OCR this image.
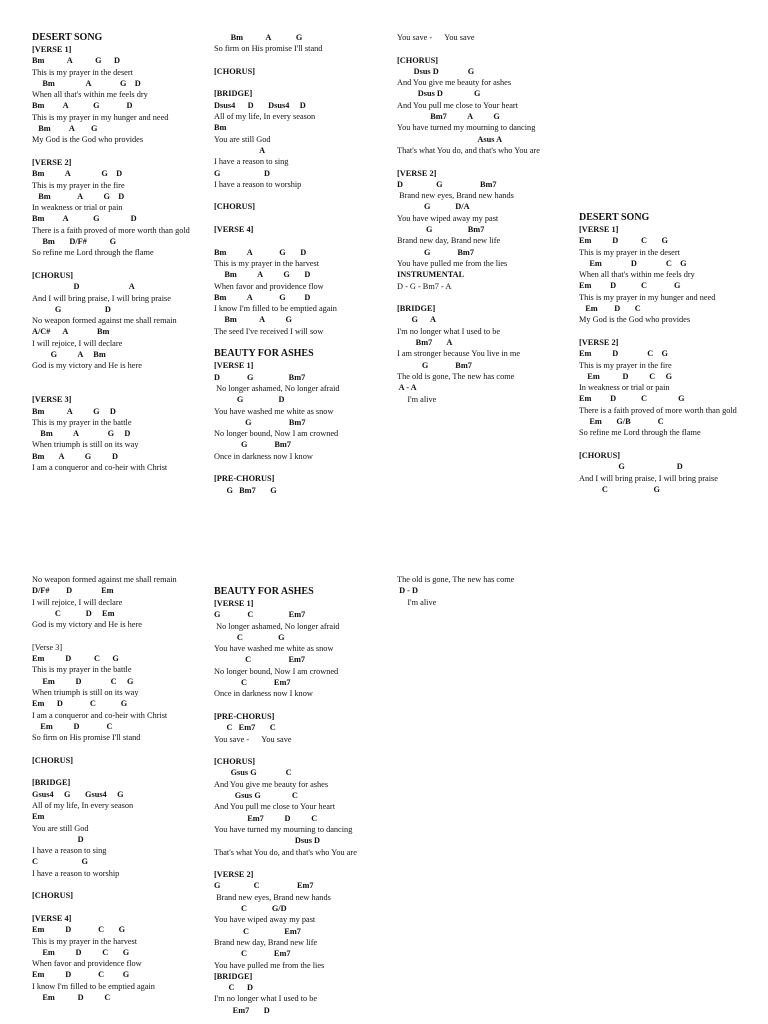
DESERT SONG
[VERSE 1]
Bm           A           G      D
This is my prayer in the desert
Bm               A              G    D
When all that's within me feels dry
Bm         A            G             D
This is my prayer in my hunger and need
Bm         A        G
My God is the God who provides
[VERSE 2]
Bm          A               G    D
This is my prayer in the fire
Bm             A          G    D
In weakness or trial or pain
Bm         A            G               D
There is a faith proved of more worth than gold
Bm       D/F#           G
So refine me Lord through the flame
[CHORUS]
D                        A
And I will bring praise, I will bring praise
G                     D
No weapon formed against me shall remain
A/C#      A              Bm
I will rejoice, I will declare
G          A     Bm
God is my victory and He is here
[VERSE 3]
Bm           A          G     D
This is my prayer in the battle
Bm          A              G     D
When triumph is still on its way
Bm       A          G          D
I am a conqueror and co-heir with Christ
Bm           A            G
So firm on His promise I'll stand
[CHORUS]
[BRIDGE]
Dsus4      D       Dsus4     D
All of my life, In every season
Bm
You are still God
A
I have a reason to sing
G                     D
I have a reason to worship
[CHORUS]
[VERSE 4]
Bm          A             G       D
This is my prayer in the harvest
Bm          A          G       D
When favor and providence flow
Bm          A             G         D
I know I'm filled to be emptied again
Bm           A          G
The seed I've received I will sow
BEAUTY FOR ASHES
[VERSE 1]
D             G                 Bm7
No longer ashamed, No longer afraid
G                 D
You have washed me white as snow
G                  Bm7
No longer bound, Now I am crowned
G             Bm7
Once in darkness now I know
[PRE-CHORUS]
G   Bm7       G
You save -      You save
[CHORUS]
Dsus D              G
And You give me beauty for ashes
Dsus D               G
And You pull me close to Your heart
Bm7          A          G
You have turned my mourning to dancing
Asus A
That's what You do, and that's who You are
[VERSE 2]
D                G                  Bm7
Brand new eyes, Brand new hands
G            D/A
You have wiped away my past
G                 Bm7
Brand new day, Brand new life
G             Bm7
You have pulled me from the lies
INSTRUMENTAL
D - G - Bm7 - A
[BRIDGE]
G      A
I'm no longer what I used to be
Bm7       A
I am stronger because You live in me
G             Bm7
The old is gone, The new has come
A - A
I'm alive
DESERT SONG
[VERSE 1]
Em          D           C       G
This is my prayer in the desert
Em              D              C    G
When all that's within me feels dry
Em         D            C             G
This is my prayer in my hunger and need
Em        D       C
My God is the God who provides
[VERSE 2]
Em          D              C    G
This is my prayer in the fire
Em           D          C     G
In weakness or trial or pain
Em         D            C               G
There is a faith proved of more worth than gold
Em       G/B             C
So refine me Lord through the flame
[CHORUS]
G                         D
And I will bring praise, I will bring praise
C                      G
No weapon formed against me shall remain
D/F#        D              Em
I will rejoice, I will declare
C            D     Em
God is my victory and He is here
[Verse 3]
Em          D           C      G
This is my prayer in the battle
Em          D              C     G
When triumph is still on its way
Em      D             C            G
I am a conqueror and co-heir with Christ
Em          D             C
So firm on His promise I'll stand
[CHORUS]
[BRIDGE]
Gsus4     G       Gsus4     G
All of my life, In every season
Em
You are still God
D
I have a reason to sing
C                     G
I have a reason to worship
[CHORUS]
[VERSE 4]
Em          D             C       G
This is my prayer in the harvest
Em          D          C       G
When favor and providence flow
Em          D             C         G
I know I'm filled to be emptied again
Em           D          C
BEAUTY FOR ASHES
[VERSE 1]
G             C                 Em7
No longer ashamed, No longer afraid
C                 G
You have washed me white as snow
C                  Em7
No longer bound, Now I am crowned
C             Em7
Once in darkness now I know
[PRE-CHORUS]
C   Em7       C
You save -      You save
[CHORUS]
Gsus G              C
And You give me beauty for ashes
Gsus G               C
And You pull me close to Your heart
Em7          D          C
You have turned my mourning to dancing
Dsus D
That's what You do, and that's who You are
[VERSE 2]
G                C                  Em7
Brand new eyes, Brand new hands
C            G/D
You have wiped away my past
C                 Em7
Brand new day, Brand new life
C             Em7
You have pulled me from the lies
[BRIDGE]
C      D
I'm no longer what I used to be
Em7       D
The old is gone, The new has come
D - D
I'm alive
